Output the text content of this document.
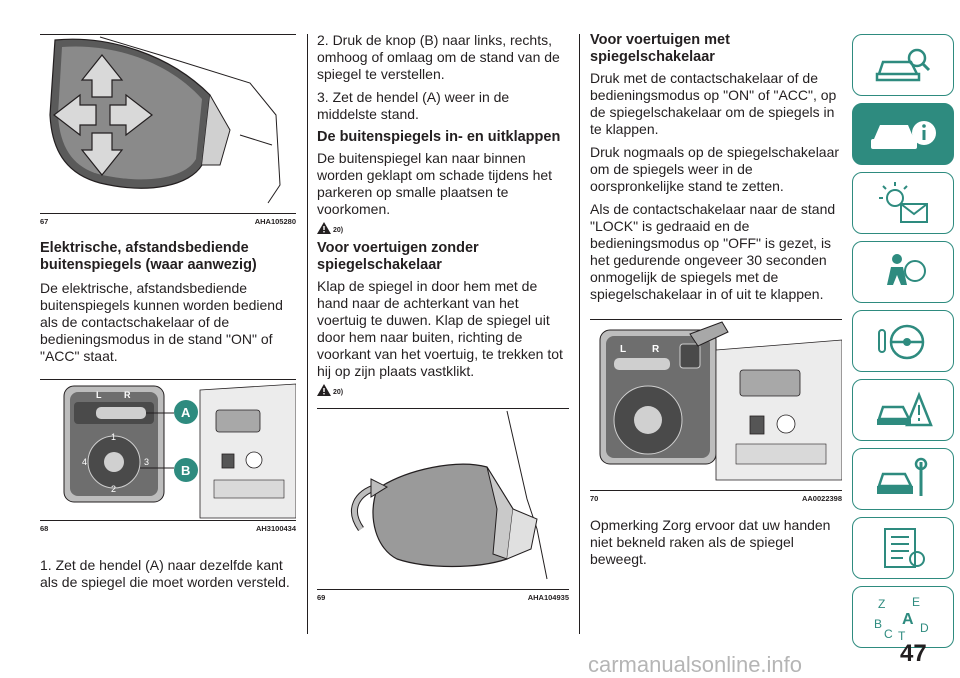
67	AHA105280
Elektrische, afstandsbediende buitenspiegels (waar aanwezig)

De elektrische, afstandsbediende buitenspiegels kunnen worden bediend als de contactschakelaar of de bedieningsmodus in de stand "ON" of "ACC" staat.

L	R
1
2
3
4
A
B
68	AH3100434

1. Zet de hendel (A) naar dezelfde kant als de spiegel die moet worden versteld.

2. Druk de knop (B) naar links, rechts, omhoog of omlaag om de stand van de spiegel te verstellen.

3. Zet de hendel (A) weer in de middelste stand.

De buitenspiegels in- en uitklappen

De buitenspiegel kan naar binnen worden geklapt om schade tijdens het parkeren op smalle plaatsen te voorkomen.

20)
Voor voertuigen zonder spiegelschakelaar

Klap de spiegel in door hem met de hand naar de achterkant van het voertuig te duwen. Klap de spiegel uit door hem naar buiten, richting de voorkant van het voertuig, te trekken tot hij op zijn plaats vastklikt.

20)
69	AHA104935
Voor voertuigen met spiegelschakelaar

Druk met de contactschakelaar of de bedieningsmodus op "ON" of "ACC", op de spiegelschakelaar om de spiegels in te klappen.

Druk nogmaals op de spiegelschakelaar om de spiegels weer in de oorspronkelijke stand te zetten.

Als de contactschakelaar naar de stand "LOCK" is gedraaid en de bedieningsmodus op "OFF" is gezet, is het gedurende ongeveer 30 seconden onmogelijk de spiegels met de spiegelschakelaar in of uit te klappen.

L	R
70	AA0022398

Opmerking Zorg ervoor dat uw handen niet bekneld raken als de spiegel beweegt.

Z E
A
B
C T
D
47
carmanualsonline.info
